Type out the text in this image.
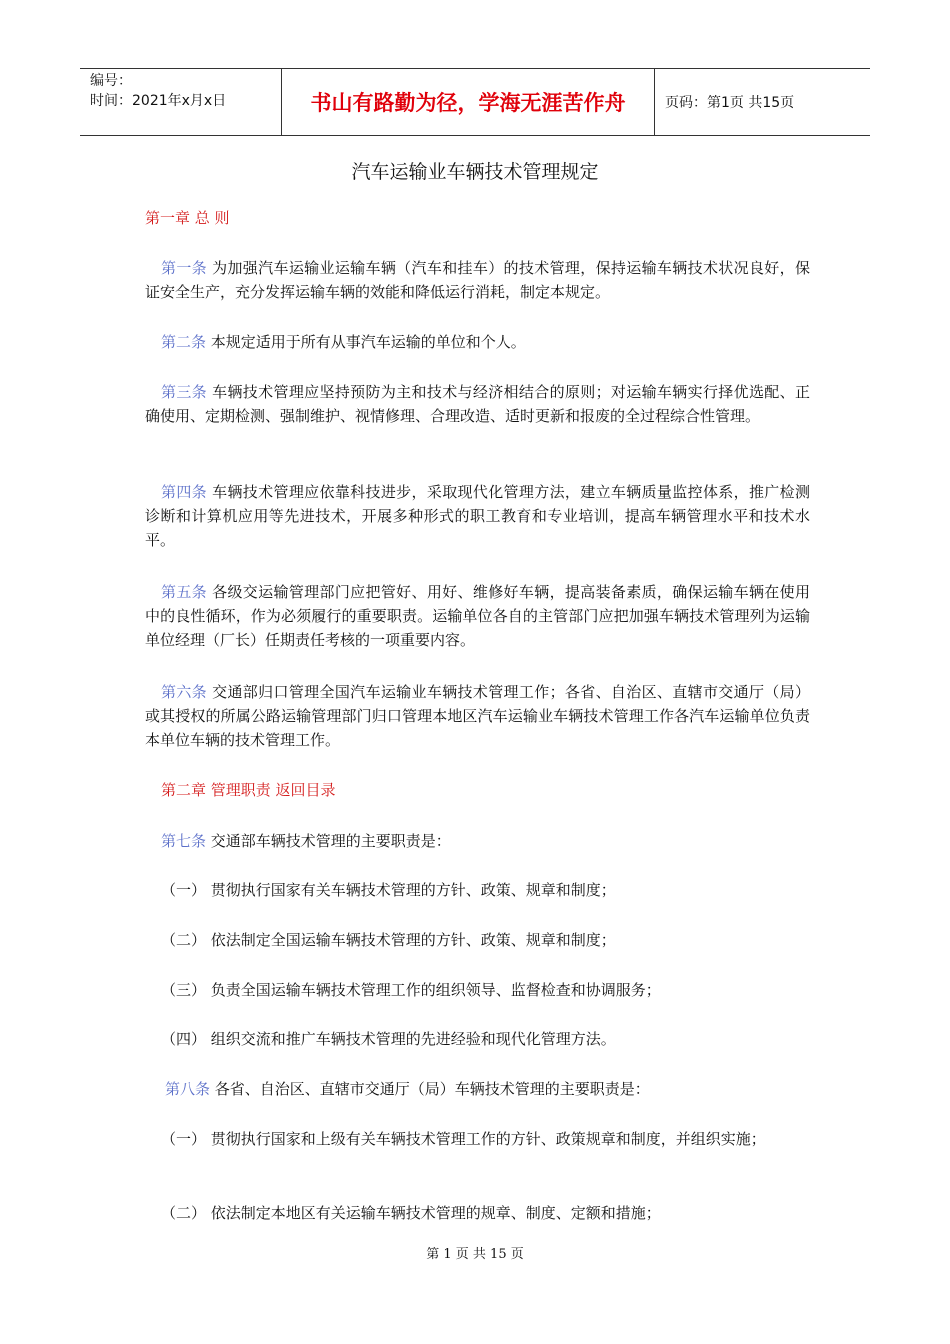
编号：
时间：2021年x月x日	书山有路勤为径，学海无涯苦作舟	页码：第1页 共15页
汽车运输业车辆技术管理规定

第一章 总 则

第一条 为加强汽车运输业运输车辆（汽车和挂车）的技术管理，保持运输车辆技术状况良好，保证安全生产，充分发挥运输车辆的效能和降低运行消耗，制定本规定。

第二条 本规定适用于所有从事汽车运输的单位和个人。

第三条 车辆技术管理应坚持预防为主和技术与经济相结合的原则；对运输车辆实行择优选配、正确使用、定期检测、强制维护、视情修理、合理改造、适时更新和报废的全过程综合性管理。

第四条 车辆技术管理应依靠科技进步，采取现代化管理方法，建立车辆质量监控体系，推广检测诊断和计算机应用等先进技术，开展多种形式的职工教育和专业培训，提高车辆管理水平和技术水平。

第五条 各级交运输管理部门应把管好、用好、维修好车辆，提高装备素质，确保运输车辆在使用中的良性循环，作为必须履行的重要职责。运输单位各自的主管部门应把加强车辆技术管理列为运输单位经理（厂长）任期责任考核的一项重要内容。

第六条 交通部归口管理全国汽车运输业车辆技术管理工作；各省、自治区、直辖市交通厅（局）或其授权的所属公路运输管理部门归口管理本地区汽车运输业车辆技术管理工作各汽车运输单位负责本单位车辆的技术管理工作。

第二章 管理职责 返回目录

第七条 交通部车辆技术管理的主要职责是：

（一） 贯彻执行国家有关车辆技术管理的方针、政策、规章和制度；

（二） 依法制定全国运输车辆技术管理的方针、政策、规章和制度；

（三） 负责全国运输车辆技术管理工作的组织领导、监督检查和协调服务；

（四） 组织交流和推广车辆技术管理的先进经验和现代化管理方法。

第八条 各省、自治区、直辖市交通厅（局）车辆技术管理的主要职责是：

（一） 贯彻执行国家和上级有关车辆技术管理工作的方针、政策规章和制度，并组织实施；

（二） 依法制定本地区有关运输车辆技术管理的规章、制度、定额和措施；

第 1 页 共 15 页
